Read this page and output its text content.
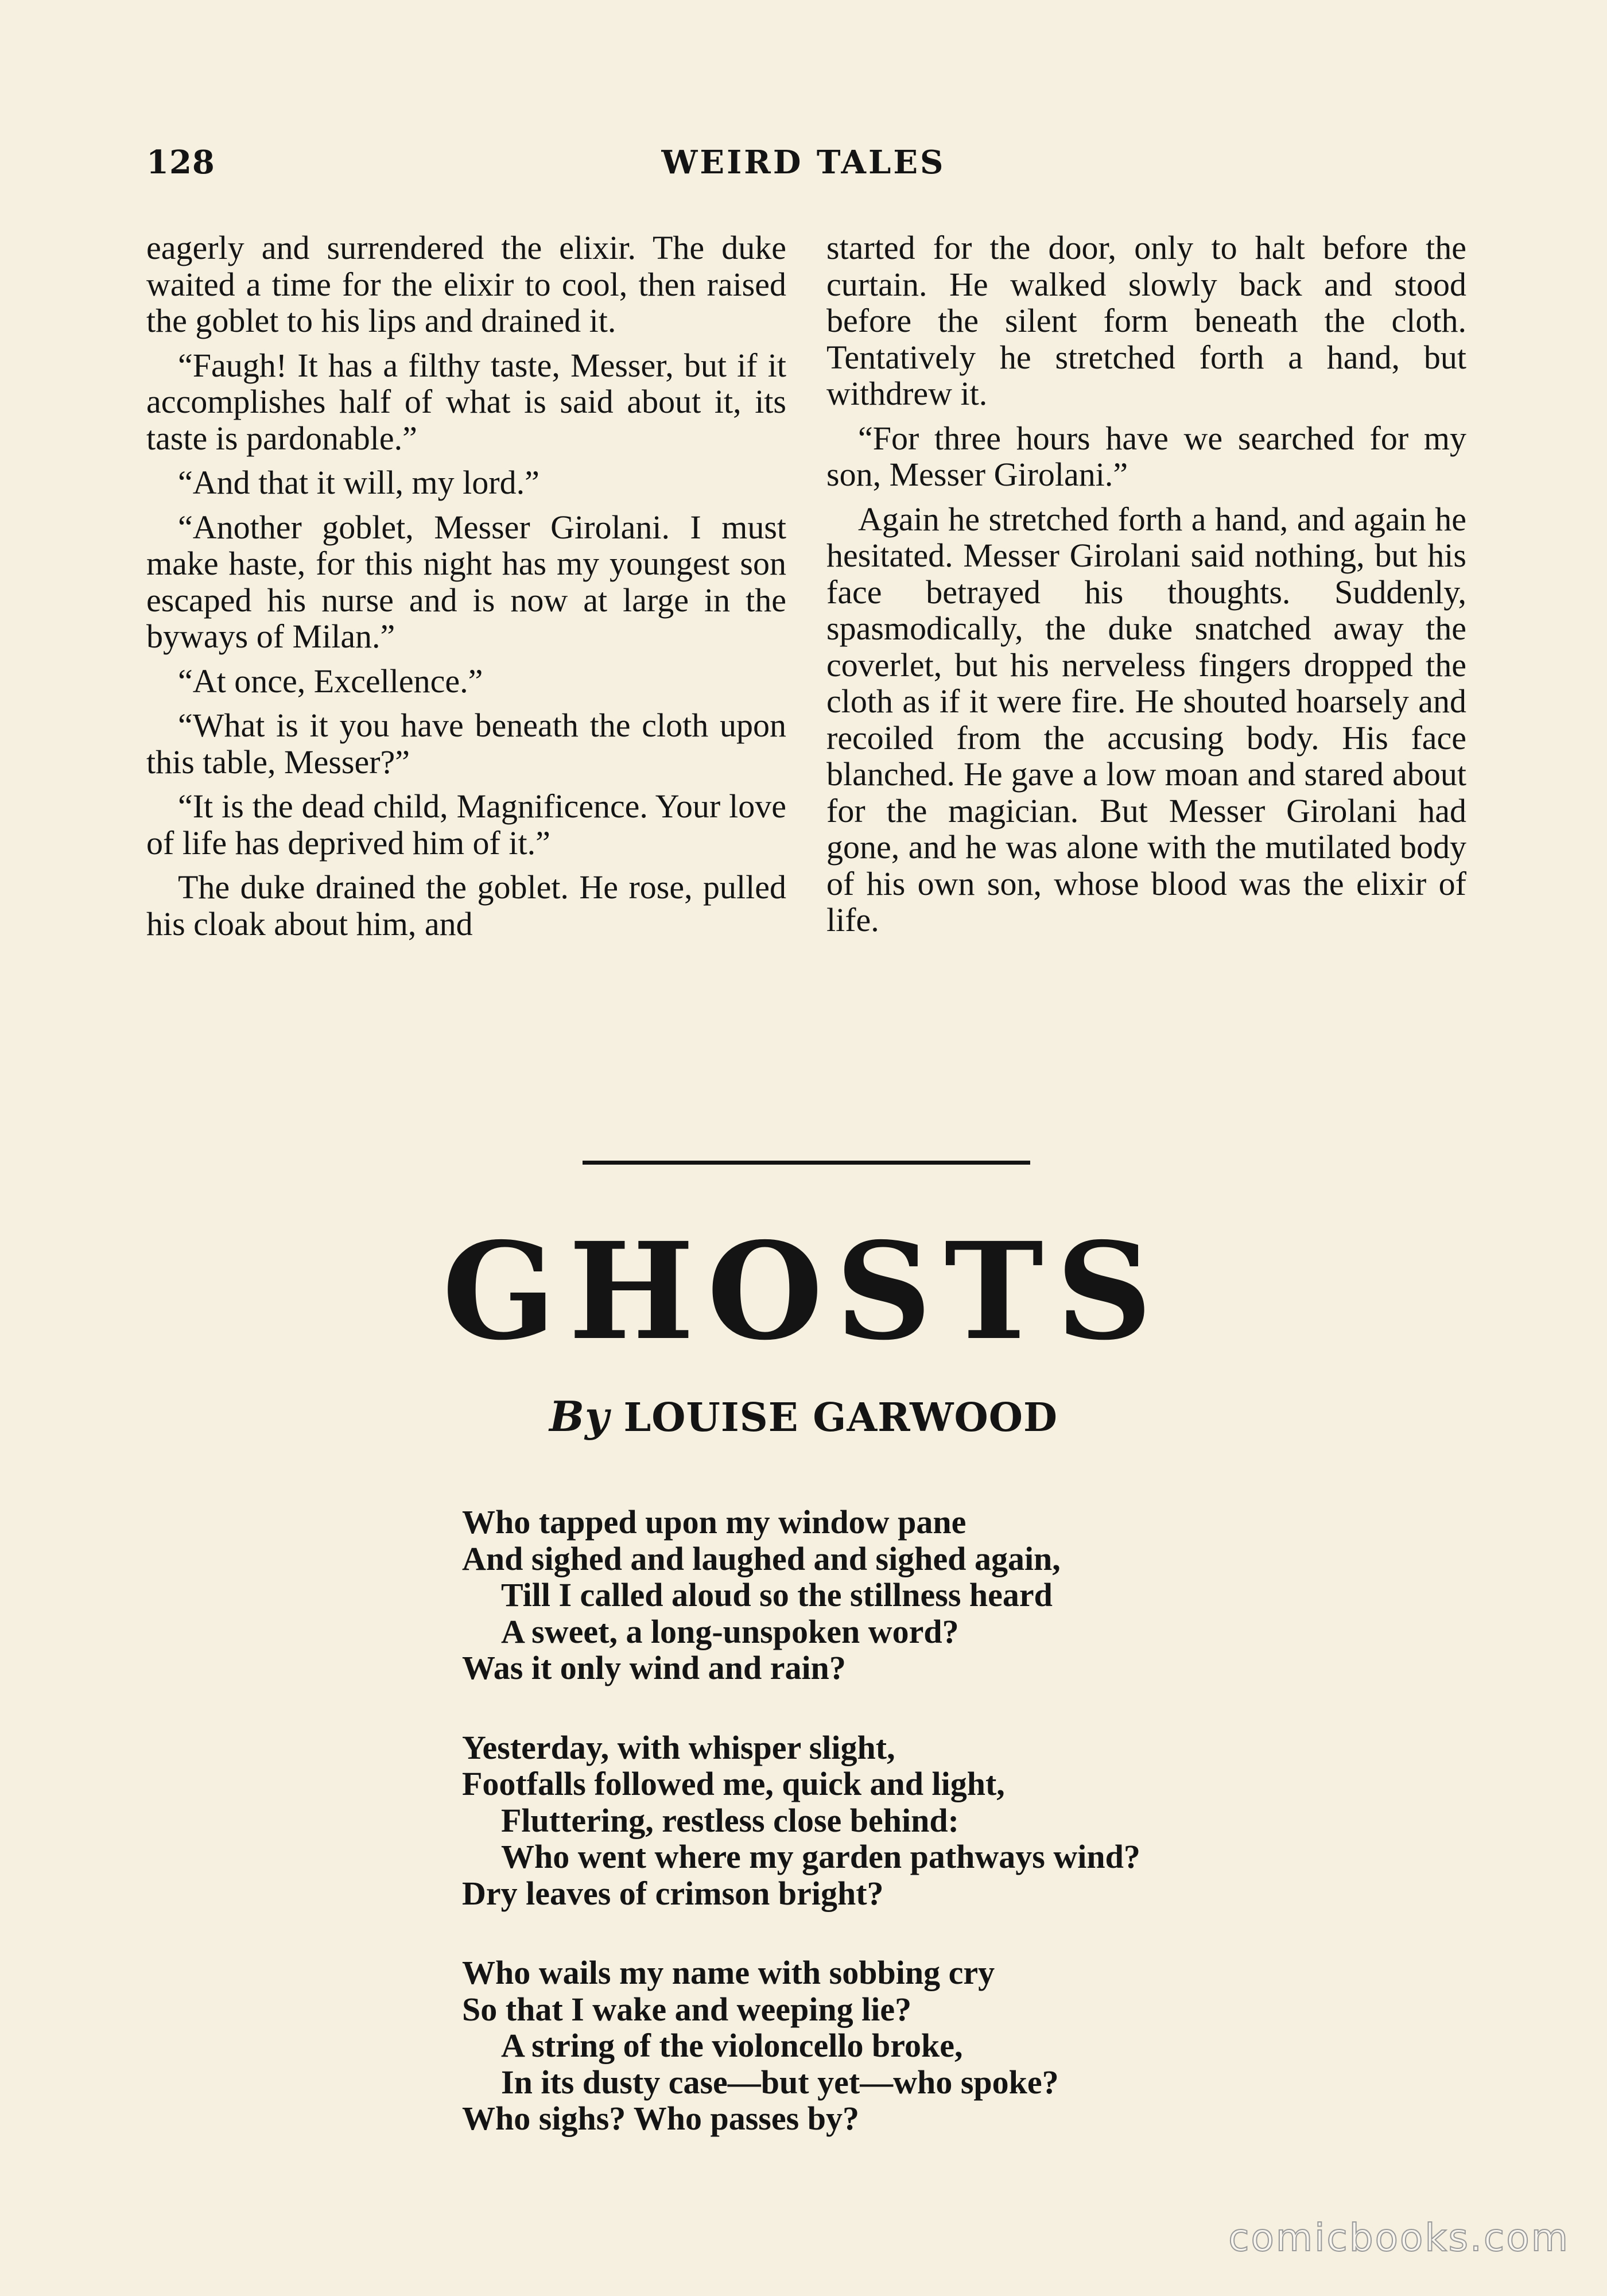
128	WEIRD TALES

eagerly and surrendered the elixir. The duke waited a time for the elixir to cool, then raised the goblet to his lips and drained it.

“Faugh! It has a filthy taste, Messer, but if it accomplishes half of what is said about it, its taste is pardonable.”

“And that it will, my lord.”

“Another goblet, Messer Girolani. I must make haste, for this night has my youngest son escaped his nurse and is now at large in the byways of Milan.”

“At once, Excellence.”

“What is it you have beneath the cloth upon this table, Messer?”

“It is the dead child, Magnificence. Your love of life has deprived him of it.”

The duke drained the goblet. He rose, pulled his cloak about him, and

started for the door, only to halt before the curtain. He walked slowly back and stood before the silent form beneath the cloth. Tentatively he stretched forth a hand, but withdrew it.

“For three hours have we searched for my son, Messer Girolani.”

Again he stretched forth a hand, and again he hesitated. Messer Girolani said nothing, but his face betrayed his thoughts. Suddenly, spasmodically, the duke snatched away the coverlet, but his nerveless fingers dropped the cloth as if it were fire. He shouted hoarsely and recoiled from the accusing body. His face blanched. He gave a low moan and stared about for the magician. But Messer Girolani had gone, and he was alone with the mutilated body of his own son, whose blood was the elixir of life.

GHOSTS
By LOUISE GARWOOD
Who tapped upon my window pane
And sighed and laughed and sighed again,
Till I called aloud so the stillness heard
A sweet, a long-unspoken word?
Was it only wind and rain?
Yesterday, with whisper slight,
Footfalls followed me, quick and light,
Fluttering, restless close behind:
Who went where my garden pathways wind?
Dry leaves of crimson bright?
Who wails my name with sobbing cry
So that I wake and weeping lie?
A string of the violoncello broke,
In its dusty case—but yet—who spoke?
Who sighs? Who passes by?
comicbooks.com
